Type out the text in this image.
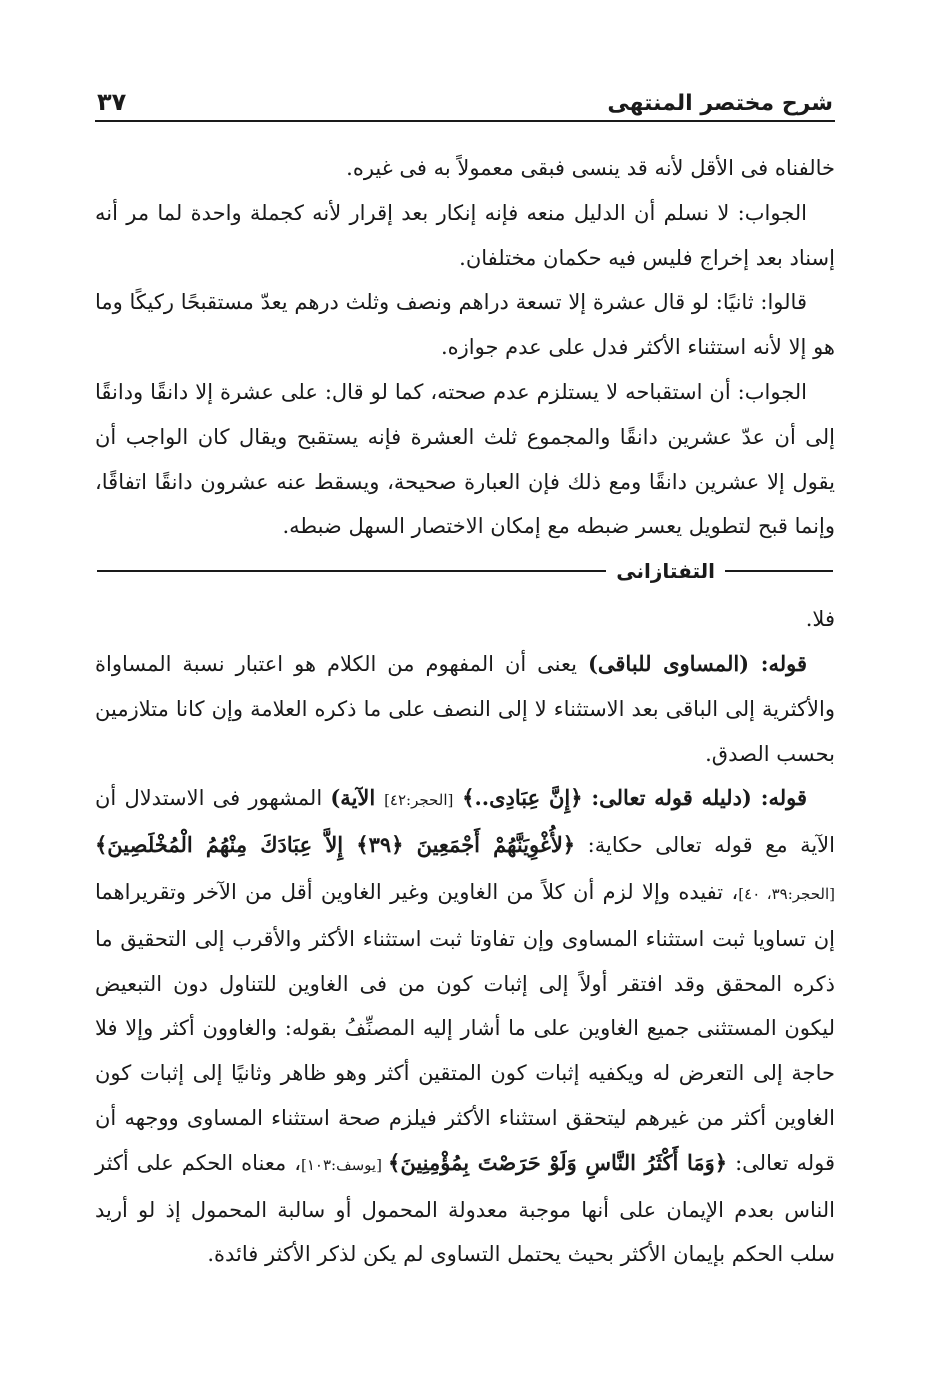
شرح مختصر المنتهى
٣٧

خالفناه فى الأقل لأنه قد ينسى فبقى معمولاً به فى غيره.

الجواب: لا نسلم أن الدليل منعه فإنه إنكار بعد إقرار لأنه كجملة واحدة لما مر أنه إسناد بعد إخراج فليس فيه حكمان مختلفان.

قالوا: ثانيًا: لو قال عشرة إلا تسعة دراهم ونصف وثلث درهم يعدّ مستقبحًا ركيكًا وما هو إلا لأنه استثناء الأكثر فدل على عدم جوازه.

الجواب: أن استقباحه لا يستلزم عدم صحته، كما لو قال: على عشرة إلا دانقًا ودانقًا إلى أن عدّ عشرين دانقًا والمجموع ثلث العشرة فإنه يستقبح ويقال كان الواجب أن يقول إلا عشرين دانقًا ومع ذلك فإن العبارة صحيحة، ويسقط عنه عشرون دانقًا اتفاقًا، وإنما قبح لتطويل يعسر ضبطه مع إمكان الاختصار السهل ضبطه.

التفتازانى

فلا.

قوله: (المساوى للباقى) يعنى أن المفهوم من الكلام هو اعتبار نسبة المساواة والأكثرية إلى الباقى بعد الاستثناء لا إلى النصف على ما ذكره العلامة وإن كانا متلازمين بحسب الصدق.

قوله: (دليله قوله تعالى: ﴿إِنَّ عِبَادِى..﴾ [الحجر:٤٢] الآية) المشهور فى الاستدلال أن الآية مع قوله تعالى حكاية: ﴿لأُغْوِيَنَّهُمْ أَجْمَعِينَ ﴿٣٩﴾ إِلاَّ عِبَادَكَ مِنْهُمُ الْمُخْلَصِينَ﴾ [الحجر:٣٩، ٤٠]، تفيده وإلا لزم أن كلاً من الغاوين وغير الغاوين أقل من الآخر وتقريراهما إن تساويا ثبت استثناء المساوى وإن تفاوتا ثبت استثناء الأكثر والأقرب إلى التحقيق ما ذكره المحقق وقد افتقر أولاً إلى إثبات كون من فى الغاوين للتناول دون التبعيض ليكون المستثنى جميع الغاوين على ما أشار إليه المصنِّفُ بقوله: والغاوون أكثر وإلا فلا حاجة إلى التعرض له ويكفيه إثبات كون المتقين أكثر وهو ظاهر وثانيًا إلى إثبات كون الغاوين أكثر من غيرهم ليتحقق استثناء الأكثر فيلزم صحة استثناء المساوى ووجهه أن قوله تعالى: ﴿وَمَا أَكْثَرُ النَّاسِ وَلَوْ حَرَصْتَ بِمُؤْمِنِينَ﴾ [يوسف:١٠٣]، معناه الحكم على أكثر الناس بعدم الإيمان على أنها موجبة معدولة المحمول أو سالبة المحمول إذ لو أريد سلب الحكم بإيمان الأكثر بحيث يحتمل التساوى لم يكن لذكر الأكثر فائدة.
